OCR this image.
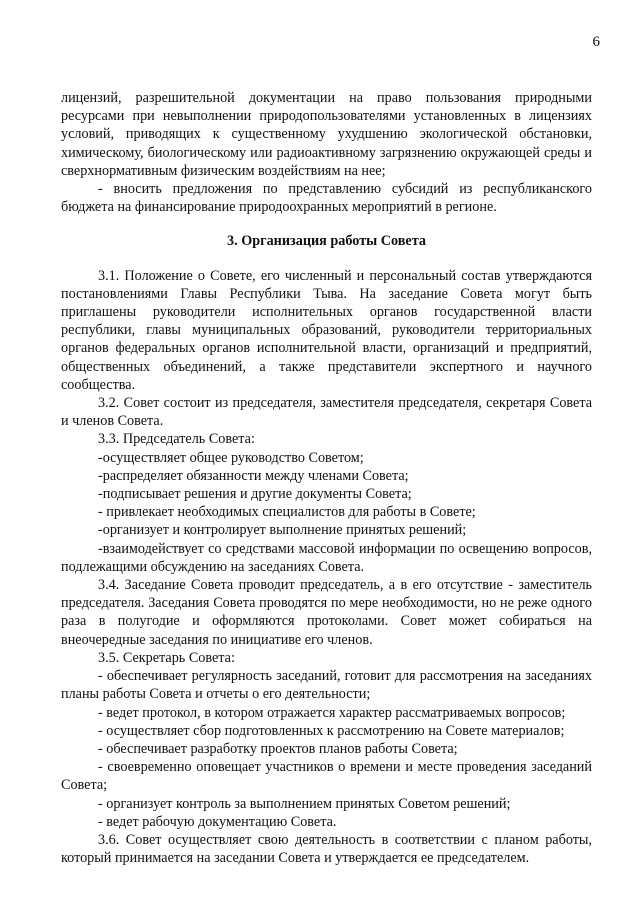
6

лицензий, разрешительной документации на право пользования природными ресурсами при невыполнении природопользователями установленных в лицензиях условий, приводящих к существенному ухудшению экологической обстановки, химическому, биологическому или радиоактивному загрязнению окружающей среды и сверхнормативным физическим воздействиям на нее;

- вносить предложения по представлению субсидий из республиканского бюджета на финансирование природоохранных мероприятий в регионе.

3. Организация работы Совета

3.1. Положение о Совете, его численный и персональный состав утверждаются постановлениями Главы Республики Тыва. На заседание Совета могут быть приглашены руководители исполнительных органов государственной власти республики, главы муниципальных образований, руководители территориальных органов федеральных органов исполнительной власти, организаций и предприятий, общественных объединений, а также представители экспертного и научного сообщества.

3.2. Совет состоит из председателя, заместителя председателя, секретаря Совета и членов Совета.

3.3. Председатель Совета:

-осуществляет общее руководство Советом;

-распределяет обязанности между членами Совета;

-подписывает решения и другие документы Совета;

- привлекает необходимых специалистов для работы в Совете;

-организует и контролирует выполнение принятых решений;

-взаимодействует со средствами массовой информации по освещению вопросов, подлежащими обсуждению на заседаниях Совета.

3.4. Заседание Совета проводит председатель, а в его отсутствие - заместитель председателя. Заседания Совета проводятся по мере необходимости, но не реже одного раза в полугодие и оформляются протоколами. Совет может собираться на внеочередные заседания по инициативе его членов.

3.5. Секретарь Совета:

- обеспечивает регулярность заседаний, готовит для рассмотрения на заседаниях планы работы Совета и отчеты о его деятельности;

- ведет протокол, в котором отражается характер рассматриваемых вопросов;

- осуществляет сбор подготовленных к рассмотрению на Совете материалов;

- обеспечивает разработку проектов планов работы Совета;

- своевременно оповещает участников о времени и месте проведения заседаний Совета;

- организует контроль за выполнением принятых Советом решений;

- ведет рабочую документацию Совета.

3.6. Совет осуществляет свою деятельность в соответствии с планом работы, который принимается на заседании Совета и утверждается ее председателем.
